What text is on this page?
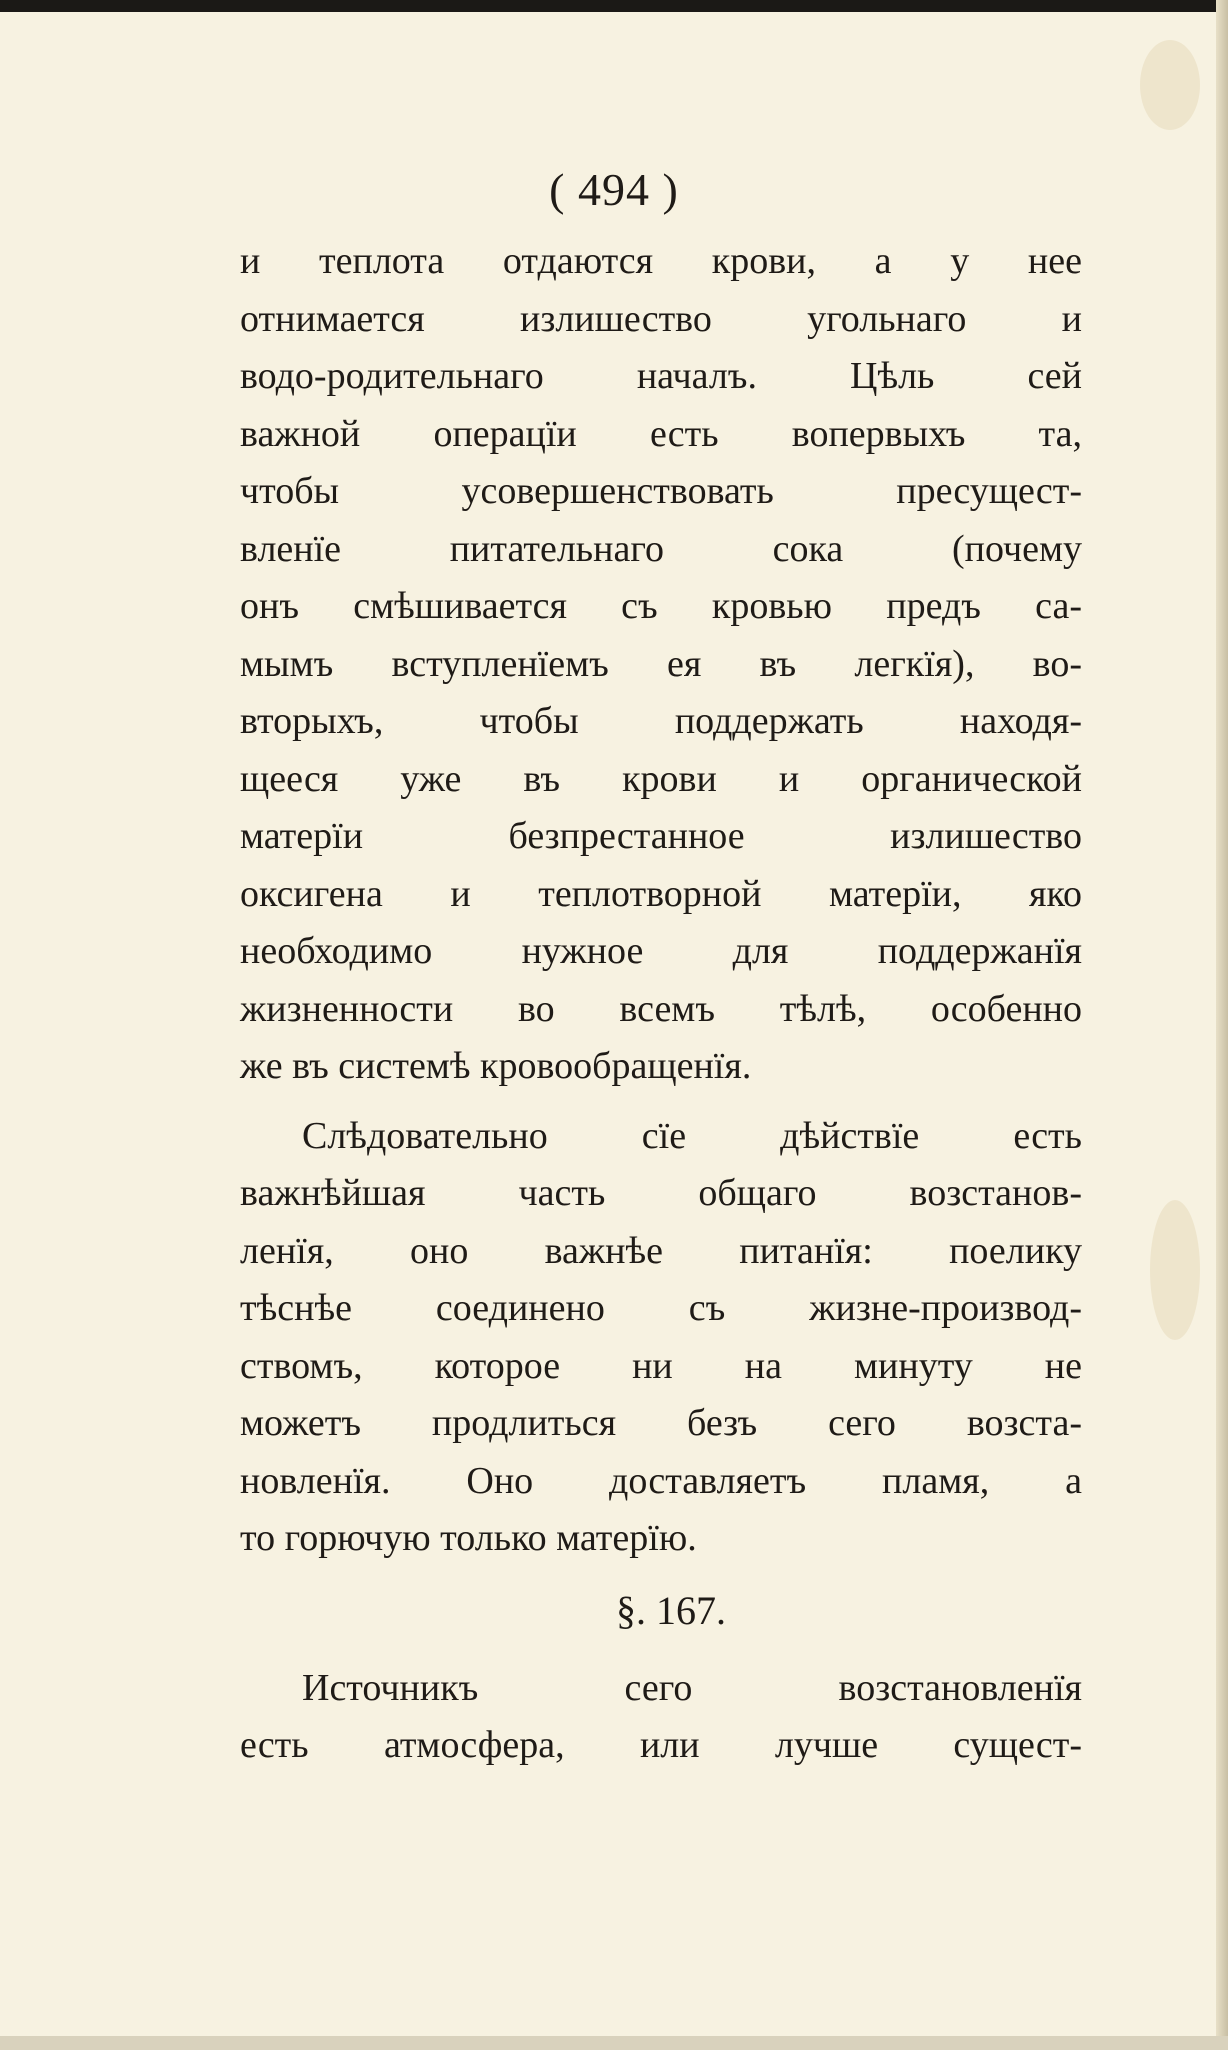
( 494 )
и теплота отдаются крови, а у нее
отнимается излишество угольнаго и
водо-родительнаго началъ. Цѣль сей
важной операцїи есть вопервыхъ та,
чтобы усовершенствовать пресущест-
вленїе питательнаго сока (почему
онъ смѣшивается съ кровью предъ са-
мымъ вступленїемъ ея въ легкїя), во-
вторыхъ, чтобы поддержать находя-
щееся уже въ крови и органической
матерїи безпрестанное излишество
оксигена и теплотворной матерїи, яко
необходимо нужное для поддержанїя
жизненности во всемъ тѣлѣ, особенно
же въ системѣ кровообращенїя.
Слѣдовательно сїе дѣйствїе есть
важнѣйшая часть общаго возстанов-
ленїя, оно важнѣе питанїя: поелику
тѣснѣе соединено съ жизне-производ-
ствомъ, которое ни на минуту не
можетъ продлиться безъ сего возста-
новленїя. Оно доставляетъ пламя, а
то горючую только матерїю.
§. 167.
Источникъ сего возстановленїя
есть атмосфера, или лучше сущест-
